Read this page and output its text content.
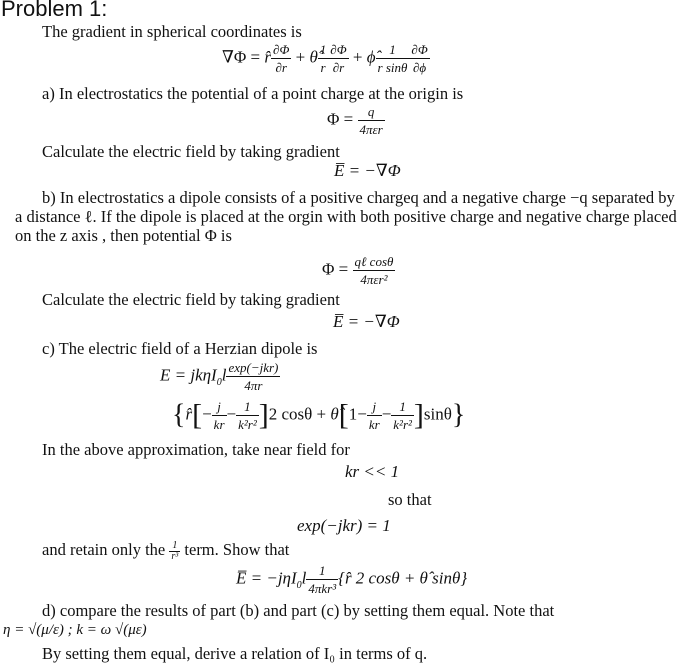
Problem 1:
The gradient in spherical coordinates is
∇Φ = r̂ $\frac{\partial\Phi}{\partial r}$ + θ̂ $\frac{1}{r} \frac{\partial\Phi}{\partial r}$ + ϕ̂ $\frac{1}{\text{r sinθ}} \frac{\partial\Phi}{\partial\phi}$
a) In electrostatics the potential of a point charge at the origin is
$\Phi = \frac{q}{\text{4πεr}}$
Calculate the electric field by taking gradient
E̅ = −∇Φ
b) In electrostatics a dipole consists of a positive chargeq and a negative charge −q separated by
a distance ℓ. If the dipole is placed at the orgin with both positive charge and negative charge placed
on the z axis , then potential Φ is
$\Phi = \frac{\text{qℓ cosθ}}{\text{4πεr²}}$
Calculate the electric field by taking gradient
E̅ = −∇Φ
c) The electric field of a Herzian dipole is
$E = jk\eta I_0l \frac{\text{exp(−jkr)}}{4\pi r}$
{r̂[− $\frac{j}{kr} - \frac{1}{\text{k²r²}} ]2$ cosθ + θ̂[1− $\frac{j}{kr} - \frac{1}{\text{k²r²}} ]\sin\theta$}
In the above approximation, take near field for
kr << 1
so that
exp(−jkr) = 1
and retain only the $\frac{1}{\text{r³}}$ term. Show that
E̅ = $-j\eta I_0l \frac{1}{\text{4πkr³}}$ {r̂ 2 cosθ + θ̂ sinθ}
d) compare the results of part (b) and part (c) by setting them equal. Note that
η = √(μ/ε) ; k = ω √(με)
By setting them equal, derive a relation of I₀ in terms of q.
